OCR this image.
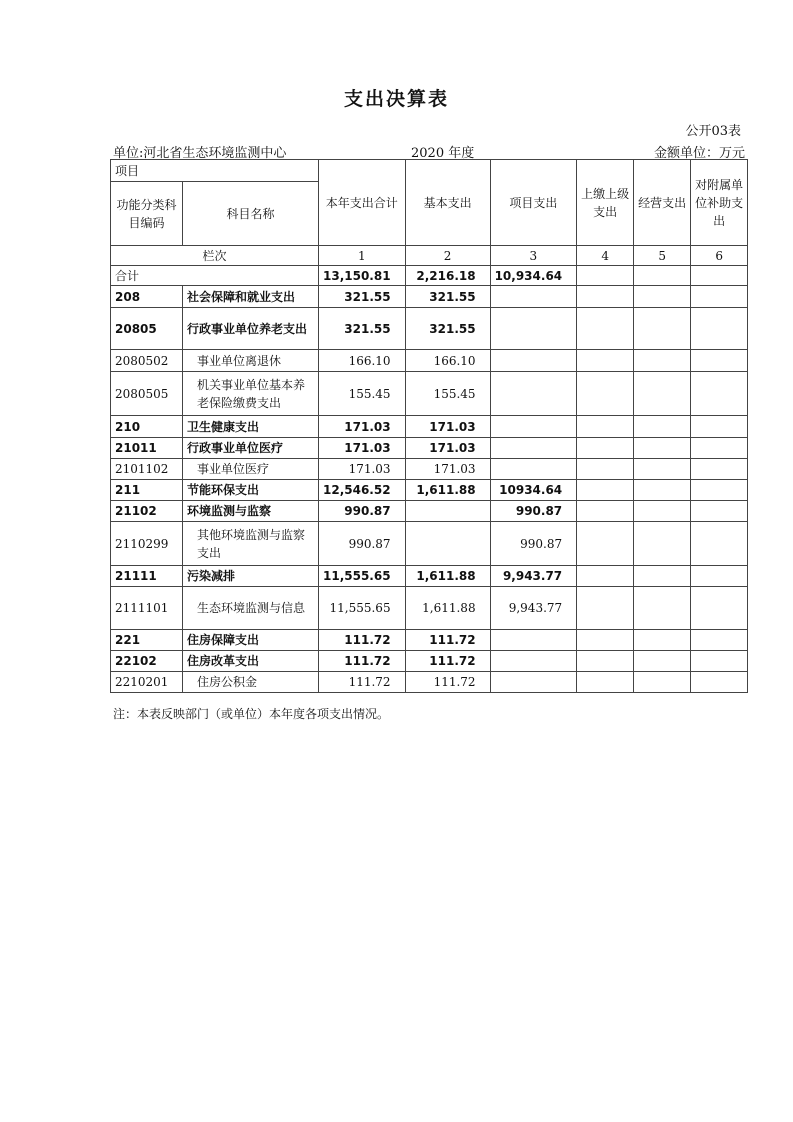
支出决算表
公开03表
单位:河北省生态环境监测中心	2020 年度	金额单位：万元
项目		本年支出合计	基本支出	项目支出	上缴上级支出	经营支出	对附属单位补助支出
功能分类科目编码	科目名称						
栏次		1	2	3	4	5	6
合计		13,150.81	2,216.18	10,934.64			
208	社会保障和就业支出	321.55	321.55				
20805	行政事业单位养老支出	321.55	321.55				
2080502	事业单位离退休	166.10	166.10				
2080505	机关事业单位基本养老保险缴费支出	155.45	155.45				
210	卫生健康支出	171.03	171.03				
21011	行政事业单位医疗	171.03	171.03				
2101102	事业单位医疗	171.03	171.03				
211	节能环保支出	12,546.52	1,611.88	10934.64			
21102	环境监测与监察	990.87		990.87			
2110299	其他环境监测与监察支出	990.87		990.87			
21111	污染减排	11,555.65	1,611.88	9,943.77			
2111101	生态环境监测与信息	11,555.65	1,611.88	9,943.77			
221	住房保障支出	111.72	111.72				
22102	住房改革支出	111.72	111.72				
2210201	住房公积金	111.72	111.72				
注：本表反映部门（或单位）本年度各项支出情况。
